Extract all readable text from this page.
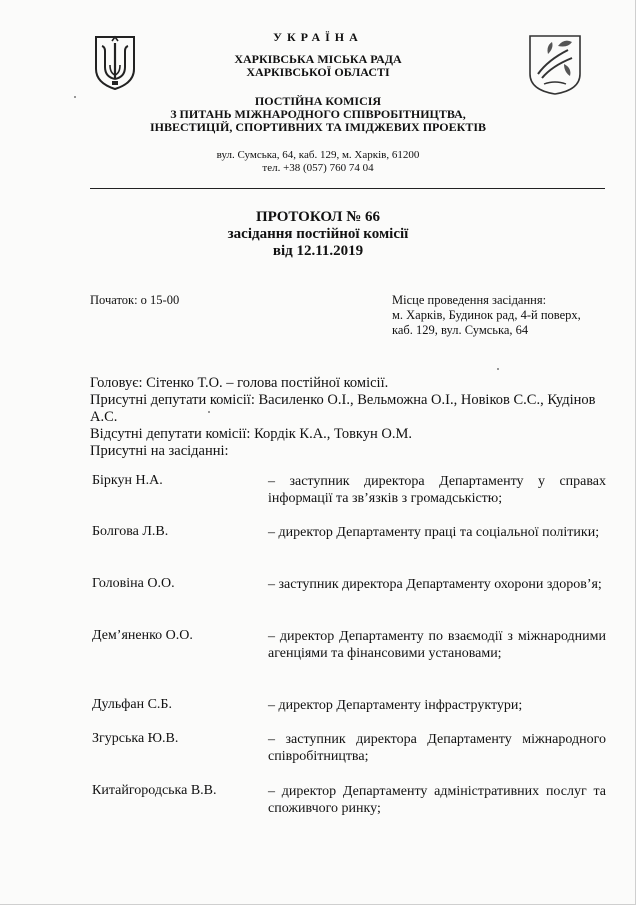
УКРАЇНА
ХАРКІВСЬКА МІСЬКА РАДА
ХАРКІВСЬКОЇ ОБЛАСТІ
ПОСТІЙНА КОМІСІЯ
З ПИТАНЬ МІЖНАРОДНОГО СПІВРОБІТНИЦТВА,
ІНВЕСТИЦІЙ, СПОРТИВНИХ ТА ІМІДЖЕВИХ ПРОЕКТІВ
вул. Сумська, 64, каб. 129, м. Харків, 61200
тел. +38 (057) 760 74 04
ПРОТОКОЛ № 66
засідання постійної комісії
від 12.11.2019
Початок: о 15-00	Місце проведення засідання:
м. Харків, Будинок рад, 4-й поверх,
каб. 129, вул. Сумська, 64
Головує: Сітенко Т.О. – голова постійної комісії.
Присутні депутати комісії: Василенко О.І., Вельможна О.І., Новіков С.С., Кудінов А.С.
Відсутні депутати комісії: Кордік К.А., Товкун О.М.
Присутні на засіданні:
Біркун Н.А.	– заступник директора Департаменту у справах інформації та зв’язків з громадськістю;
Болгова Л.В.	– директор Департаменту праці та соціальної політики;
Головіна О.О.	– заступник директора Департаменту охорони здоров’я;
Дем’яненко О.О.	– директор Департаменту по взаємодії з міжнародними агенціями та фінансовими установами;
Дульфан С.Б.	– директор Департаменту інфраструктури;
Згурська Ю.В.	– заступник директора Департаменту міжнародного співробітництва;
Китайгородська В.В.	– директор Департаменту адміністративних послуг та споживчого ринку;
